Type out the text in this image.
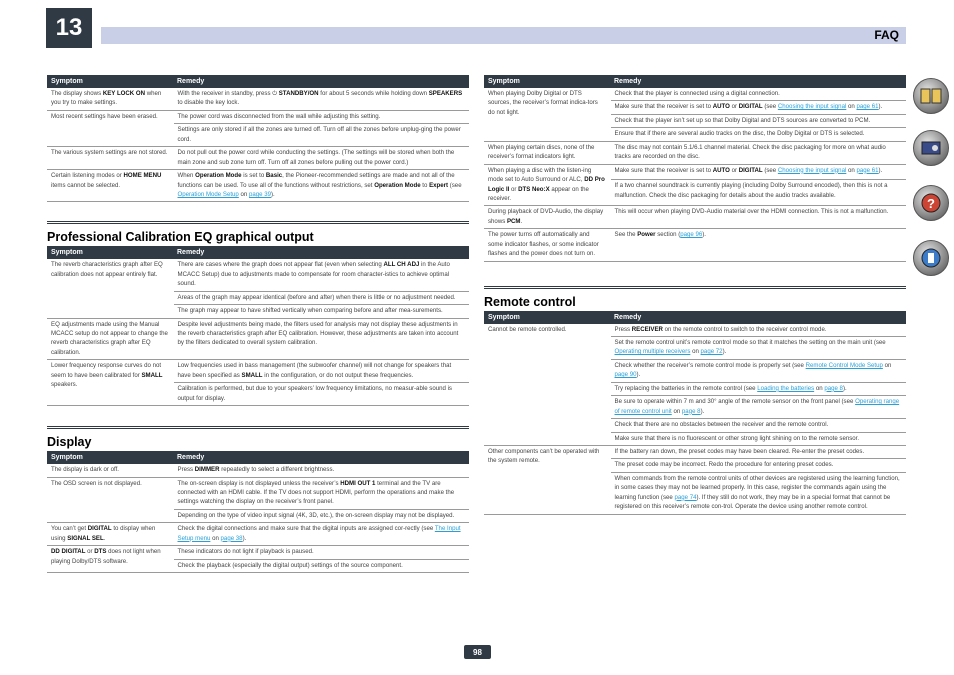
13	FAQ
Symptom	Remedy
The display shows KEY LOCK ON when you try to make settings.	With the receiver in standby, press ⏻ STANDBY/ON for about 5 seconds while holding down SPEAKERS to disable the key lock.
Most recent settings have been erased.	The power cord was disconnected from the wall while adjusting this setting.
	Settings are only stored if all the zones are turned off. Turn off all the zones before unplug-ging the power cord.
The various system settings are not stored.	Do not pull out the power cord while conducting the settings. (The settings will be stored when both the main zone and sub zone turn off. Turn off all zones before pulling out the power cord.)
Certain listening modes or HOME MENU items cannot be selected.	When Operation Mode is set to Basic, the Pioneer-recommended settings are made and not all of the functions can be used. To use all of the functions without restrictions, set Operation Mode to Expert (see Operation Mode Setup on page 39).
Professional Calibration EQ graphical output
Symptom	Remedy
The reverb characteristics graph after EQ calibration does not appear entirely flat.	There are cases where the graph does not appear flat (even when selecting ALL CH ADJ in the Auto MCACC Setup) due to adjustments made to compensate for room character-istics to achieve optimal sound.
	Areas of the graph may appear identical (before and after) when there is little or no adjustment needed.
	The graph may appear to have shifted vertically when comparing before and after mea-surements.
EQ adjustments made using the Manual MCACC setup do not appear to change the reverb characteristics graph after EQ calibration.	Despite level adjustments being made, the filters used for analysis may not display these adjustments in the reverb characteristics graph after EQ calibration. However, these adjustments are taken into account by the filters dedicated to overall system calibration.
Lower frequency response curves do not seem to have been calibrated for SMALL speakers.	Low frequencies used in bass management (the subwoofer channel) will not change for speakers that have been specified as SMALL in the configuration, or do not output these frequencies.
	Calibration is performed, but due to your speakers’ low frequency limitations, no measur-able sound is output for display.
Display
Symptom	Remedy
The display is dark or off.	Press DIMMER repeatedly to select a different brightness.
The OSD screen is not displayed.	The on-screen display is not displayed unless the receiver’s HDMI OUT 1 terminal and the TV are connected with an HDMI cable. If the TV does not support HDMI, perform the operations and make the settings watching the display on the receiver’s front panel.
	Depending on the type of video input signal (4K, 3D, etc.), the on-screen display may not be displayed.
You can’t get DIGITAL to display when using SIGNAL SEL.	Check the digital connections and make sure that the digital inputs are assigned cor-rectly (see The Input Setup menu on page 38).
DD DIGITAL or DTS does not light when playing Dolby/DTS software.	These indicators do not light if playback is paused.
	Check the playback (especially the digital output) settings of the source component.
Symptom	Remedy
When playing Dolby Digital or DTS sources, the receiver’s format indica-tors do not light.	Check that the player is connected using a digital connection.
	Make sure that the receiver is set to AUTO or DIGITAL (see Choosing the input signal on page 61).
	Check that the player isn’t set up so that Dolby Digital and DTS sources are converted to PCM.
	Ensure that if there are several audio tracks on the disc, the Dolby Digital or DTS is selected.
When playing certain discs, none of the receiver’s format indicators light.	The disc may not contain 5.1/6.1 channel material. Check the disc packaging for more on what audio tracks are recorded on the disc.
When playing a disc with the listen-ing mode set to Auto Surround or ALC, DD Pro Logic II or DTS Neo:X appear on the receiver.	Make sure that the receiver is set to AUTO or DIGITAL (see Choosing the input signal on page 61).
	If a two channel soundtrack is currently playing (including Dolby Surround encoded), then this is not a malfunction. Check the disc packaging for details about the audio tracks available.
During playback of DVD-Audio, the display shows PCM.	This will occur when playing DVD-Audio material over the HDMI connection. This is not a malfunction.
The power turns off automatically and some indicator flashes, or some indicator flashes and the power does not turn on.	See the Power section (page 96).
Remote control
Symptom	Remedy
Cannot be remote controlled.	Press RECEIVER on the remote control to switch to the receiver control mode.
	Set the remote control unit’s remote control mode so that it matches the setting on the main unit (see Operating multiple receivers on page 72).
	Check whether the receiver’s remote control mode is properly set (see Remote Control Mode Setup on page 90).
	Try replacing the batteries in the remote control (see Loading the batteries on page 8).
	Be sure to operate within 7 m and 30° angle of the remote sensor on the front panel (see Operating range of remote control unit on page 8).
	Check that there are no obstacles between the receiver and the remote control.
	Make sure that there is no fluorescent or other strong light shining on to the remote sensor.
Other components can’t be operated with the system remote.	If the battery ran down, the preset codes may have been cleared. Re-enter the preset codes.
	The preset code may be incorrect. Redo the procedure for entering preset codes.
	When commands from the remote control units of other devices are registered using the learning function, in some cases they may not be learned properly. In this case, register the commands again using the learning function (see page 74). If they still do not work, they may be in a special format that cannot be registered on this receiver’s remote con-trol. Operate the device using another remote control.
?
98
